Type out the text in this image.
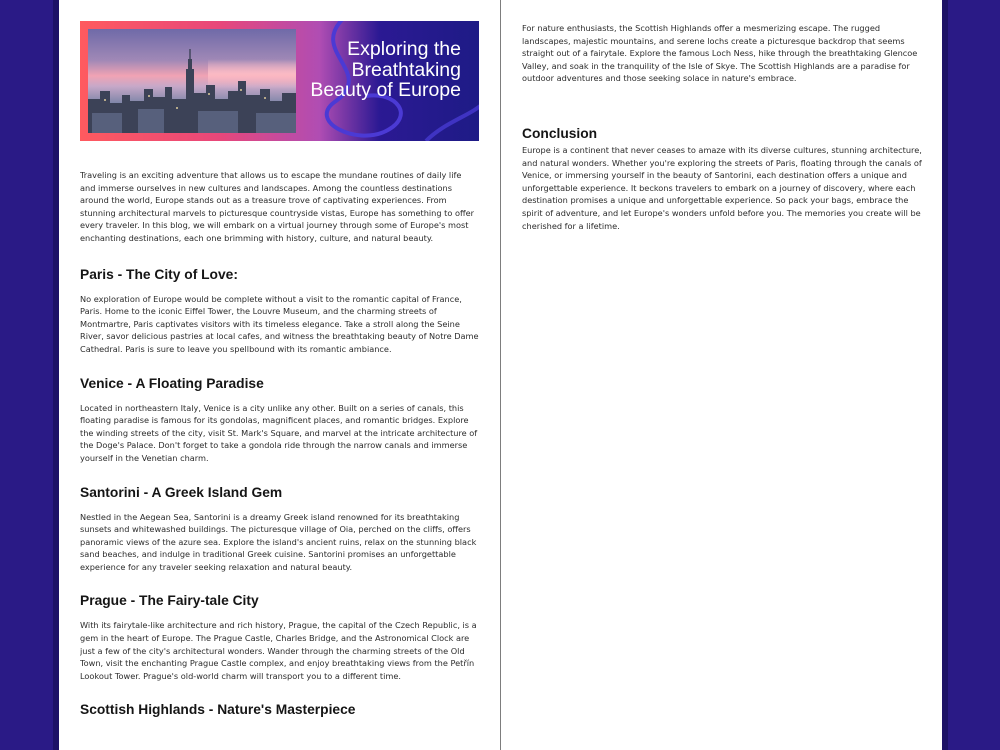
Exploring the Breathtaking Beauty of Europe

Traveling is an exciting adventure that allows us to escape the mundane routines of daily life and immerse ourselves in new cultures and landscapes. Among the countless destinations around the world, Europe stands out as a treasure trove of captivating experiences. From stunning architectural marvels to picturesque countryside vistas, Europe has something to offer every traveler. In this blog, we will embark on a virtual journey through some of Europe's most enchanting destinations, each one brimming with history, culture, and natural beauty.

Paris - The City of Love:

No exploration of Europe would be complete without a visit to the romantic capital of France, Paris. Home to the iconic Eiffel Tower, the Louvre Museum, and the charming streets of Montmartre, Paris captivates visitors with its timeless elegance. Take a stroll along the Seine River, savor delicious pastries at local cafes, and witness the breathtaking beauty of Notre Dame Cathedral. Paris is sure to leave you spellbound with its romantic ambiance.

Venice - A Floating Paradise

Located in northeastern Italy, Venice is a city unlike any other. Built on a series of canals, this floating paradise is famous for its gondolas, magnificent places, and romantic bridges. Explore the winding streets of the city, visit St. Mark's Square, and marvel at the intricate architecture of the Doge's Palace. Don't forget to take a gondola ride through the narrow canals and immerse yourself in the Venetian charm.

Santorini - A Greek Island Gem

Nestled in the Aegean Sea, Santorini is a dreamy Greek island renowned for its breathtaking sunsets and whitewashed buildings. The picturesque village of Oia, perched on the cliffs, offers panoramic views of the azure sea. Explore the island's ancient ruins, relax on the stunning black sand beaches, and indulge in traditional Greek cuisine. Santorini promises an unforgettable experience for any traveler seeking relaxation and natural beauty.

Prague - The Fairy-tale City

With its fairytale-like architecture and rich history, Prague, the capital of the Czech Republic, is a gem in the heart of Europe. The Prague Castle, Charles Bridge, and the Astronomical Clock are just a few of the city's architectural wonders. Wander through the charming streets of the Old Town, visit the enchanting Prague Castle complex, and enjoy breathtaking views from the Petřín Lookout Tower. Prague's old-world charm will transport you to a different time.

Scottish Highlands - Nature's Masterpiece

For nature enthusiasts, the Scottish Highlands offer a mesmerizing escape. The rugged landscapes, majestic mountains, and serene lochs create a picturesque backdrop that seems straight out of a fairytale. Explore the famous Loch Ness, hike through the breathtaking Glencoe Valley, and soak in the tranquility of the Isle of Skye. The Scottish Highlands are a paradise for outdoor adventures and those seeking solace in nature's embrace.

Conclusion

Europe is a continent that never ceases to amaze with its diverse cultures, stunning architecture, and natural wonders. Whether you're exploring the streets of Paris, floating through the canals of Venice, or immersing yourself in the beauty of Santorini, each destination offers a unique and unforgettable experience. It beckons travelers to embark on a journey of discovery, where each destination promises a unique and unforgettable experience. So pack your bags, embrace the spirit of adventure, and let Europe's wonders unfold before you. The memories you create will be cherished for a lifetime.
